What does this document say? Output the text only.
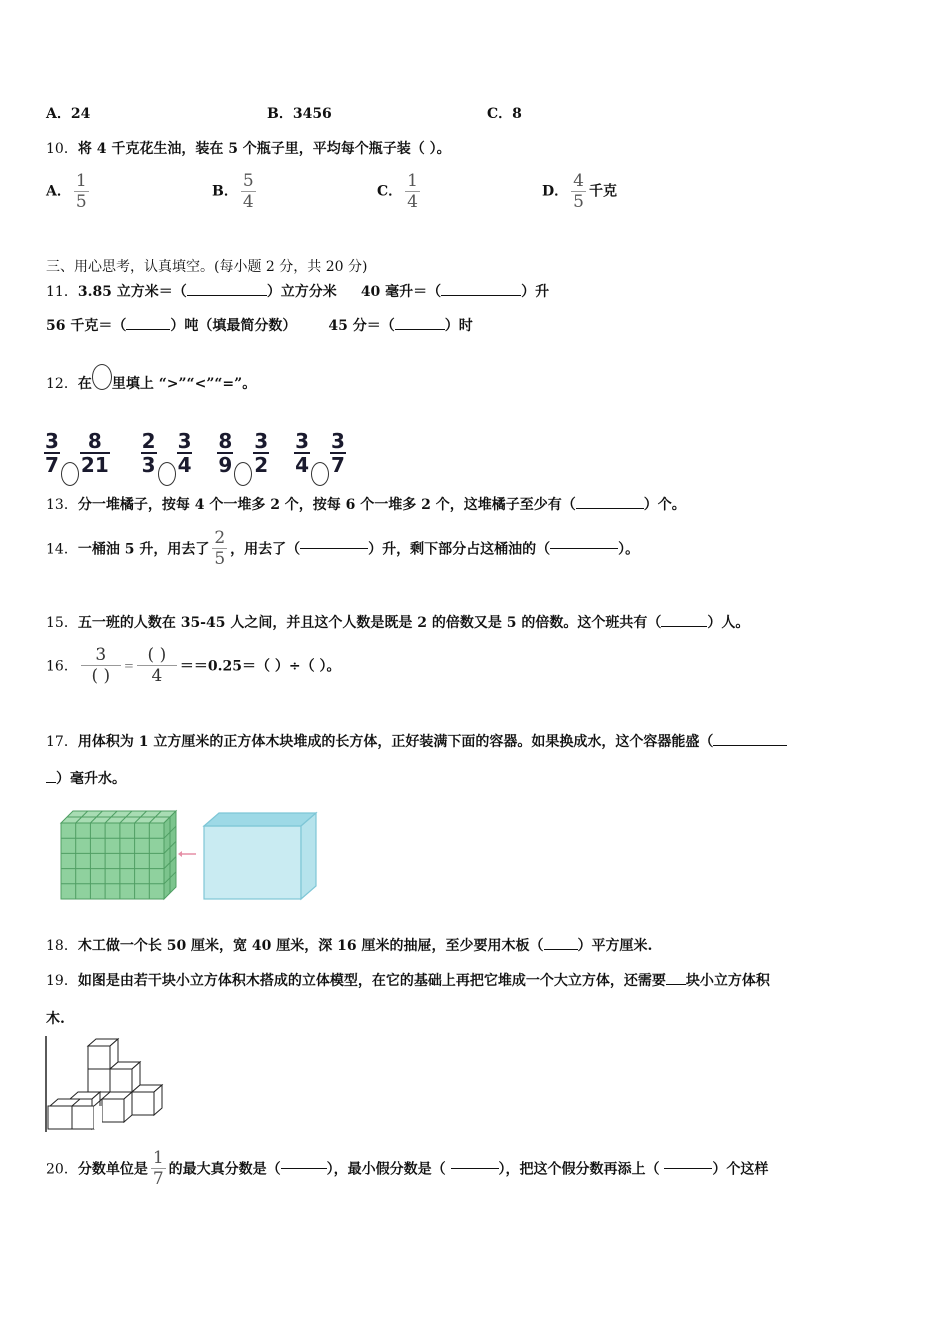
A．24	B．3456	C．8
10．将 4 千克花生油，装在 5 个瓶子里，平均每个瓶子装（ ）。
A． $\frac{1}{5}$	B． $\frac{5}{4}$	C． $\frac{1}{4}$	D． $\frac{4}{5}$ 千克
三、用心思考，认真填空。(每小题 2 分，共 20 分)
11．3.85 立方米＝（	）立方分米 40 毫升＝（	）升
56 千克＝（	）吨（填最简分数） 45 分＝（	）时
12．在 里填上 “>”“<”“=”。
$\frac{3}{7} \frac{8}{21}$
$\frac{2}{3} \frac{3}{4}$
$\frac{8}{9} \frac{3}{2}$
$\frac{3}{4} \frac{3}{7}$
13．分一堆橘子，按每 4 个一堆多 2 个，按每 6 个一堆多 2 个，这堆橘子至少有（	）个。
14．一桶油 5 升，用去了 $\frac{2}{5}$ ，用去了（	）升，剩下部分占这桶油的（	）。
15．五一班的人数在 35-45 人之间，并且这个人数是既是 2 的倍数又是 5 的倍数。这个班共有（	）人。
16． $\frac{3}{( )} = \frac{( )}{4} ==0.25=$（ ）÷（ ）。
17．用体积为 1 立方厘米的正方体木块堆成的长方体，正好装满下面的容器。如果换成水，这个容器能盛（
）毫升水。
18．木工做一个长 50 厘米，宽 40 厘米，深 16 厘米的抽屉，至少要用木板（ ）平方厘米.
19．如图是由若干块小立方体积木搭成的立体模型，在它的基础上再把它堆成一个大立方体，还需要 块小立方体积
木.
20．分数单位是 $\frac{1}{7}$ 的最大真分数是（	），最小假分数是（	），把这个假分数再添上（	）个这样
